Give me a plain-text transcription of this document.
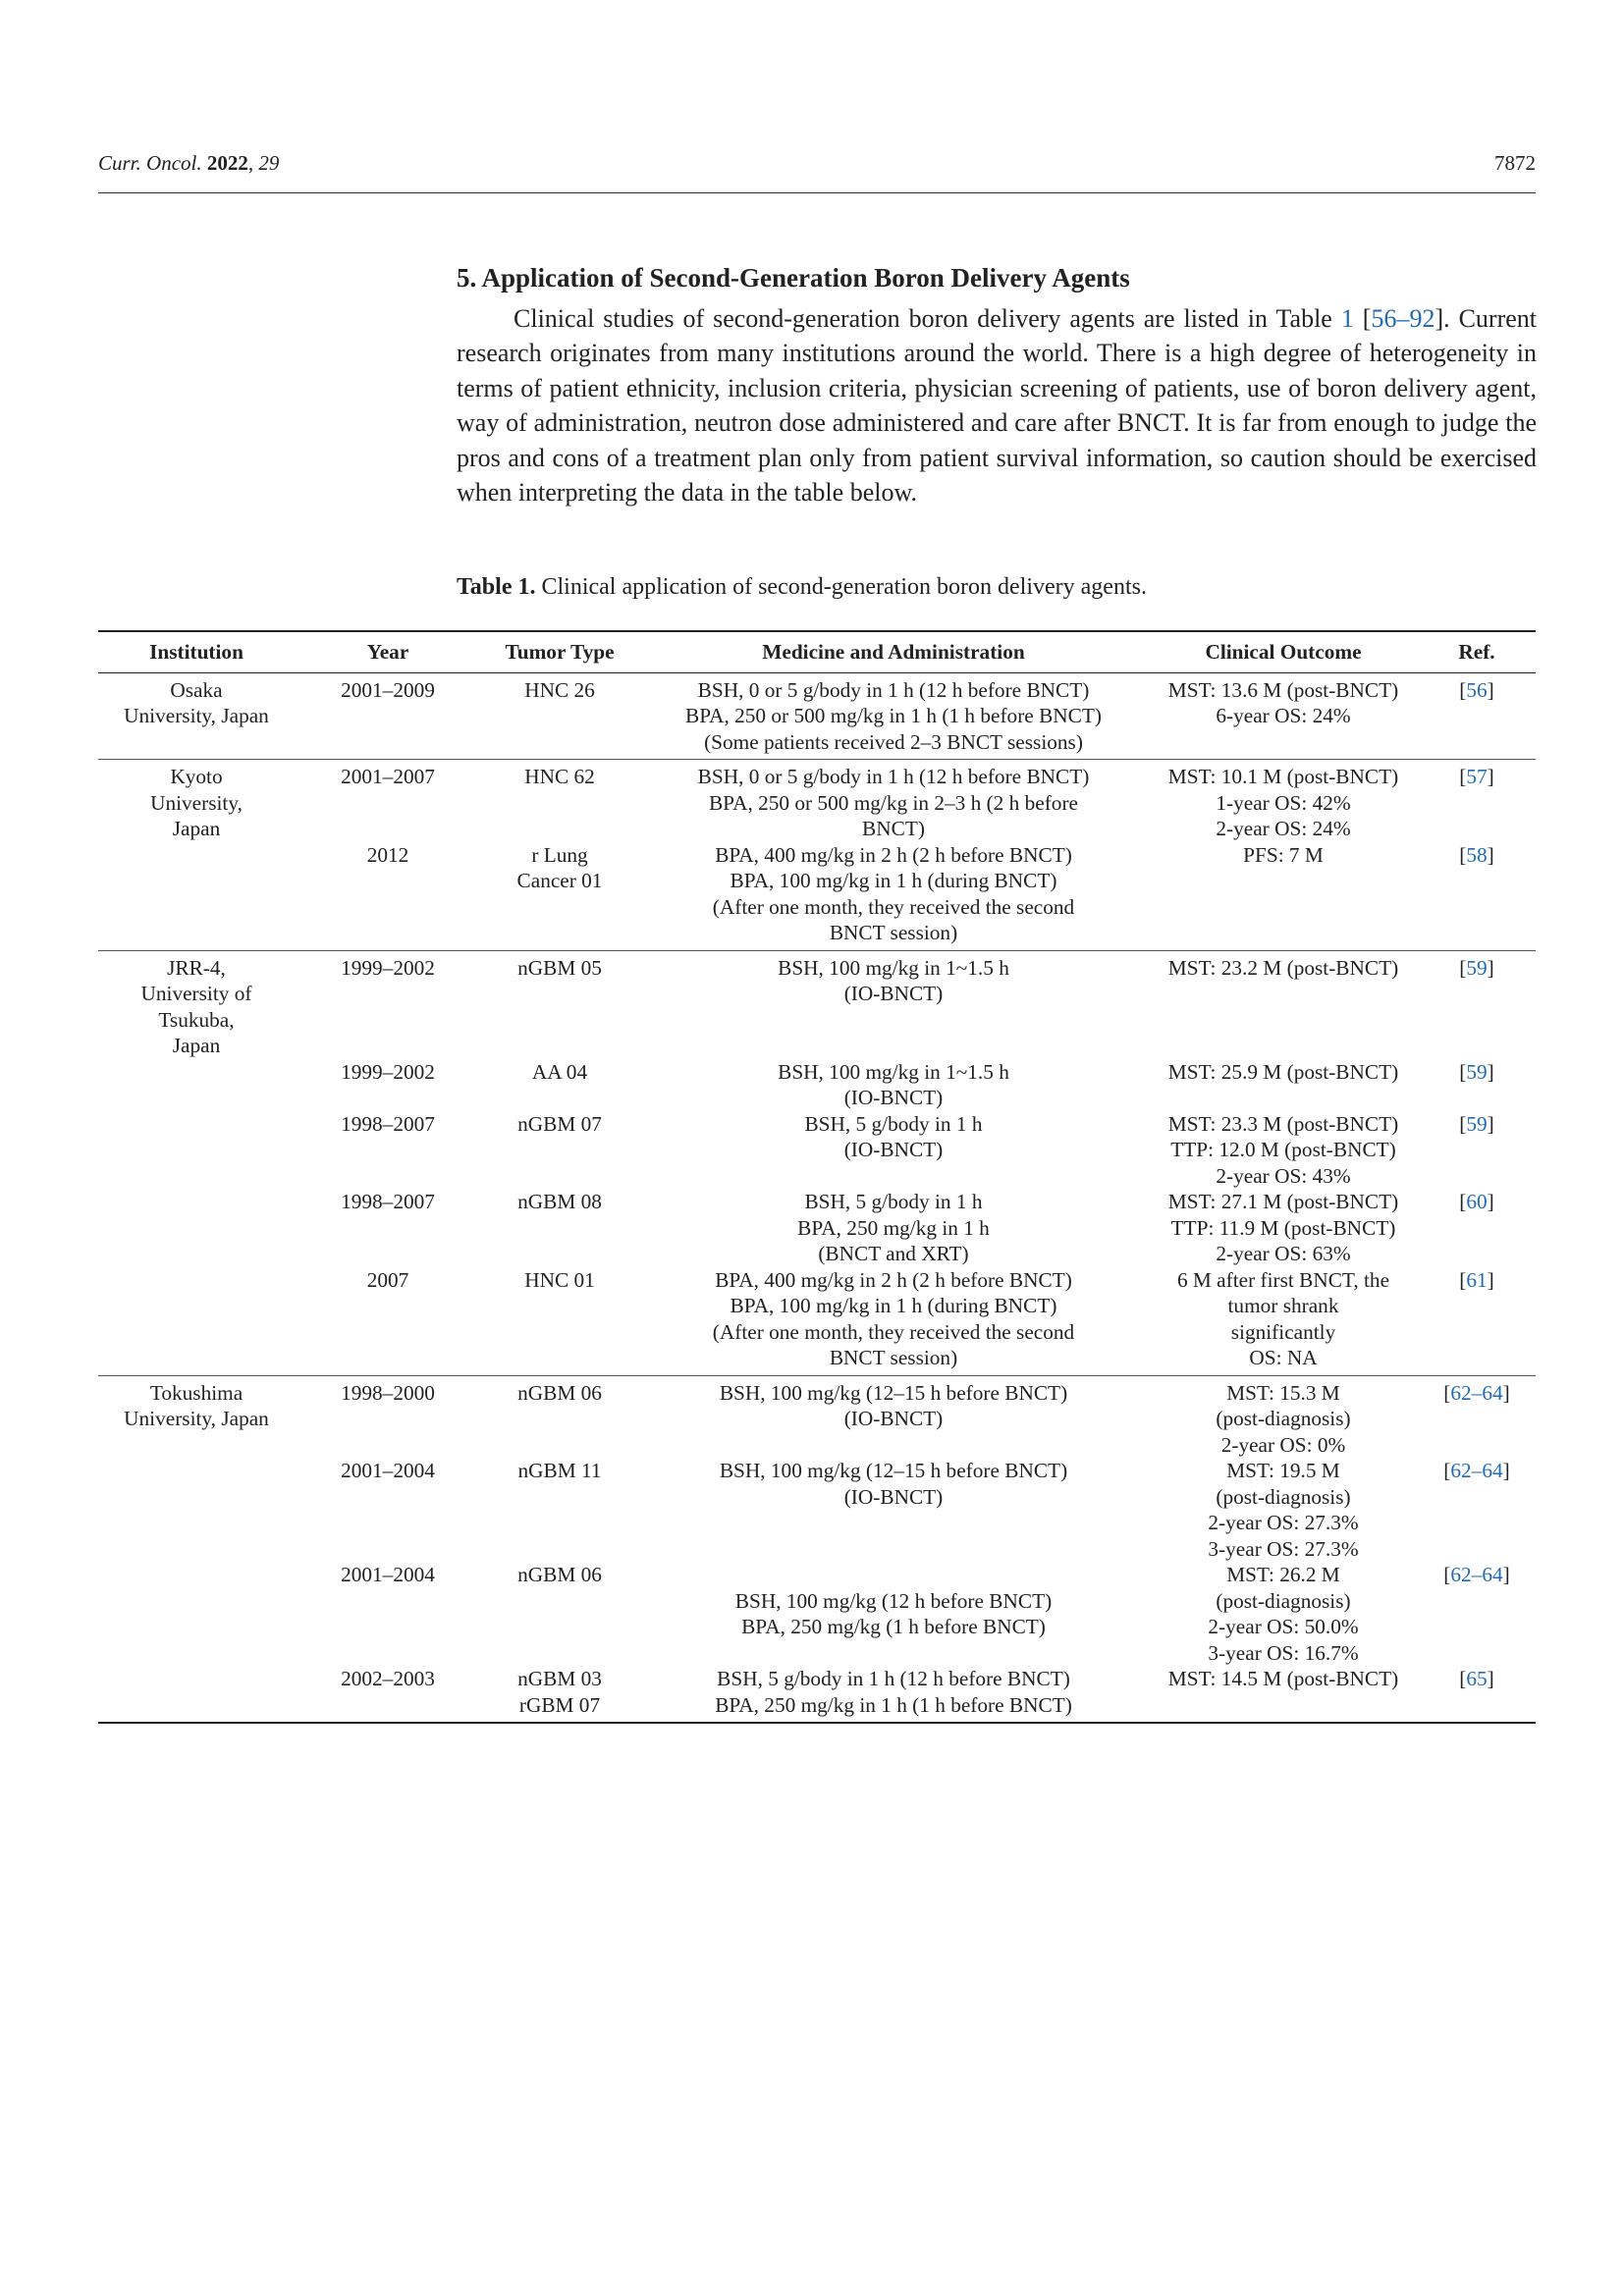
Curr. Oncol. 2022, 29	7872
5. Application of Second-Generation Boron Delivery Agents

Clinical studies of second-generation boron delivery agents are listed in Table 1 [56–92]. Current research originates from many institutions around the world. There is a high degree of heterogeneity in terms of patient ethnicity, inclusion criteria, physician screening of patients, use of boron delivery agent, way of administration, neutron dose administered and care after BNCT. It is far from enough to judge the pros and cons of a treatment plan only from patient survival information, so caution should be exercised when interpreting the data in the table below.

Table 1. Clinical application of second-generation boron delivery agents.
Institution	Year	Tumor Type	Medicine and Administration	Clinical Outcome	Ref.

Osaka
University, Japan	2001–2009	HNC 26	BSH, 0 or 5 g/body in 1 h (12 h before BNCT)
BPA, 250 or 500 mg/kg in 1 h (1 h before BNCT)
(Some patients received 2–3 BNCT sessions)	MST: 13.6 M (post-BNCT)
6-year OS: 24%	[56]

Kyoto
University,
Japan	2001–2007	HNC 62	BSH, 0 or 5 g/body in 1 h (12 h before BNCT)
BPA, 250 or 500 mg/kg in 2–3 h (2 h before
BNCT)	MST: 10.1 M (post-BNCT)
1-year OS: 42%
2-year OS: 24%	[57]
	2012	r Lung
Cancer 01	BPA, 400 mg/kg in 2 h (2 h before BNCT)
BPA, 100 mg/kg in 1 h (during BNCT)
(After one month, they received the second
BNCT session)	PFS: 7 M	[58]

JRR-4,
University of
Tsukuba,
Japan	1999–2002	nGBM 05	BSH, 100 mg/kg in 1~1.5 h
(IO-BNCT)	MST: 23.2 M (post-BNCT)	[59]
	1999–2002	AA 04	BSH, 100 mg/kg in 1~1.5 h
(IO-BNCT)	MST: 25.9 M (post-BNCT)	[59]
	1998–2007	nGBM 07	BSH, 5 g/body in 1 h
(IO-BNCT)	MST: 23.3 M (post-BNCT)
TTP: 12.0 M (post-BNCT)
2-year OS: 43%	[59]
	1998–2007	nGBM 08	BSH, 5 g/body in 1 h
BPA, 250 mg/kg in 1 h
(BNCT and XRT)	MST: 27.1 M (post-BNCT)
TTP: 11.9 M (post-BNCT)
2-year OS: 63%	[60]
	2007	HNC 01	BPA, 400 mg/kg in 2 h (2 h before BNCT)
BPA, 100 mg/kg in 1 h (during BNCT)
(After one month, they received the second
BNCT session)	6 M after first BNCT, the
tumor shrank
significantly
OS: NA	[61]

Tokushima
University, Japan	1998–2000	nGBM 06	BSH, 100 mg/kg (12–15 h before BNCT)
(IO-BNCT)	MST: 15.3 M
(post-diagnosis)
2-year OS: 0%	[62–64]
	2001–2004	nGBM 11	BSH, 100 mg/kg (12–15 h before BNCT)
(IO-BNCT)	MST: 19.5 M
(post-diagnosis)
2-year OS: 27.3%
3-year OS: 27.3%	[62–64]
	2001–2004	nGBM 06	BSH, 100 mg/kg (12 h before BNCT)
BPA, 250 mg/kg (1 h before BNCT)	MST: 26.2 M
(post-diagnosis)
2-year OS: 50.0%
3-year OS: 16.7%	[62–64]
	2002–2003	nGBM 03
rGBM 07	BSH, 5 g/body in 1 h (12 h before BNCT)
BPA, 250 mg/kg in 1 h (1 h before BNCT)	MST: 14.5 M (post-BNCT)	[65]
